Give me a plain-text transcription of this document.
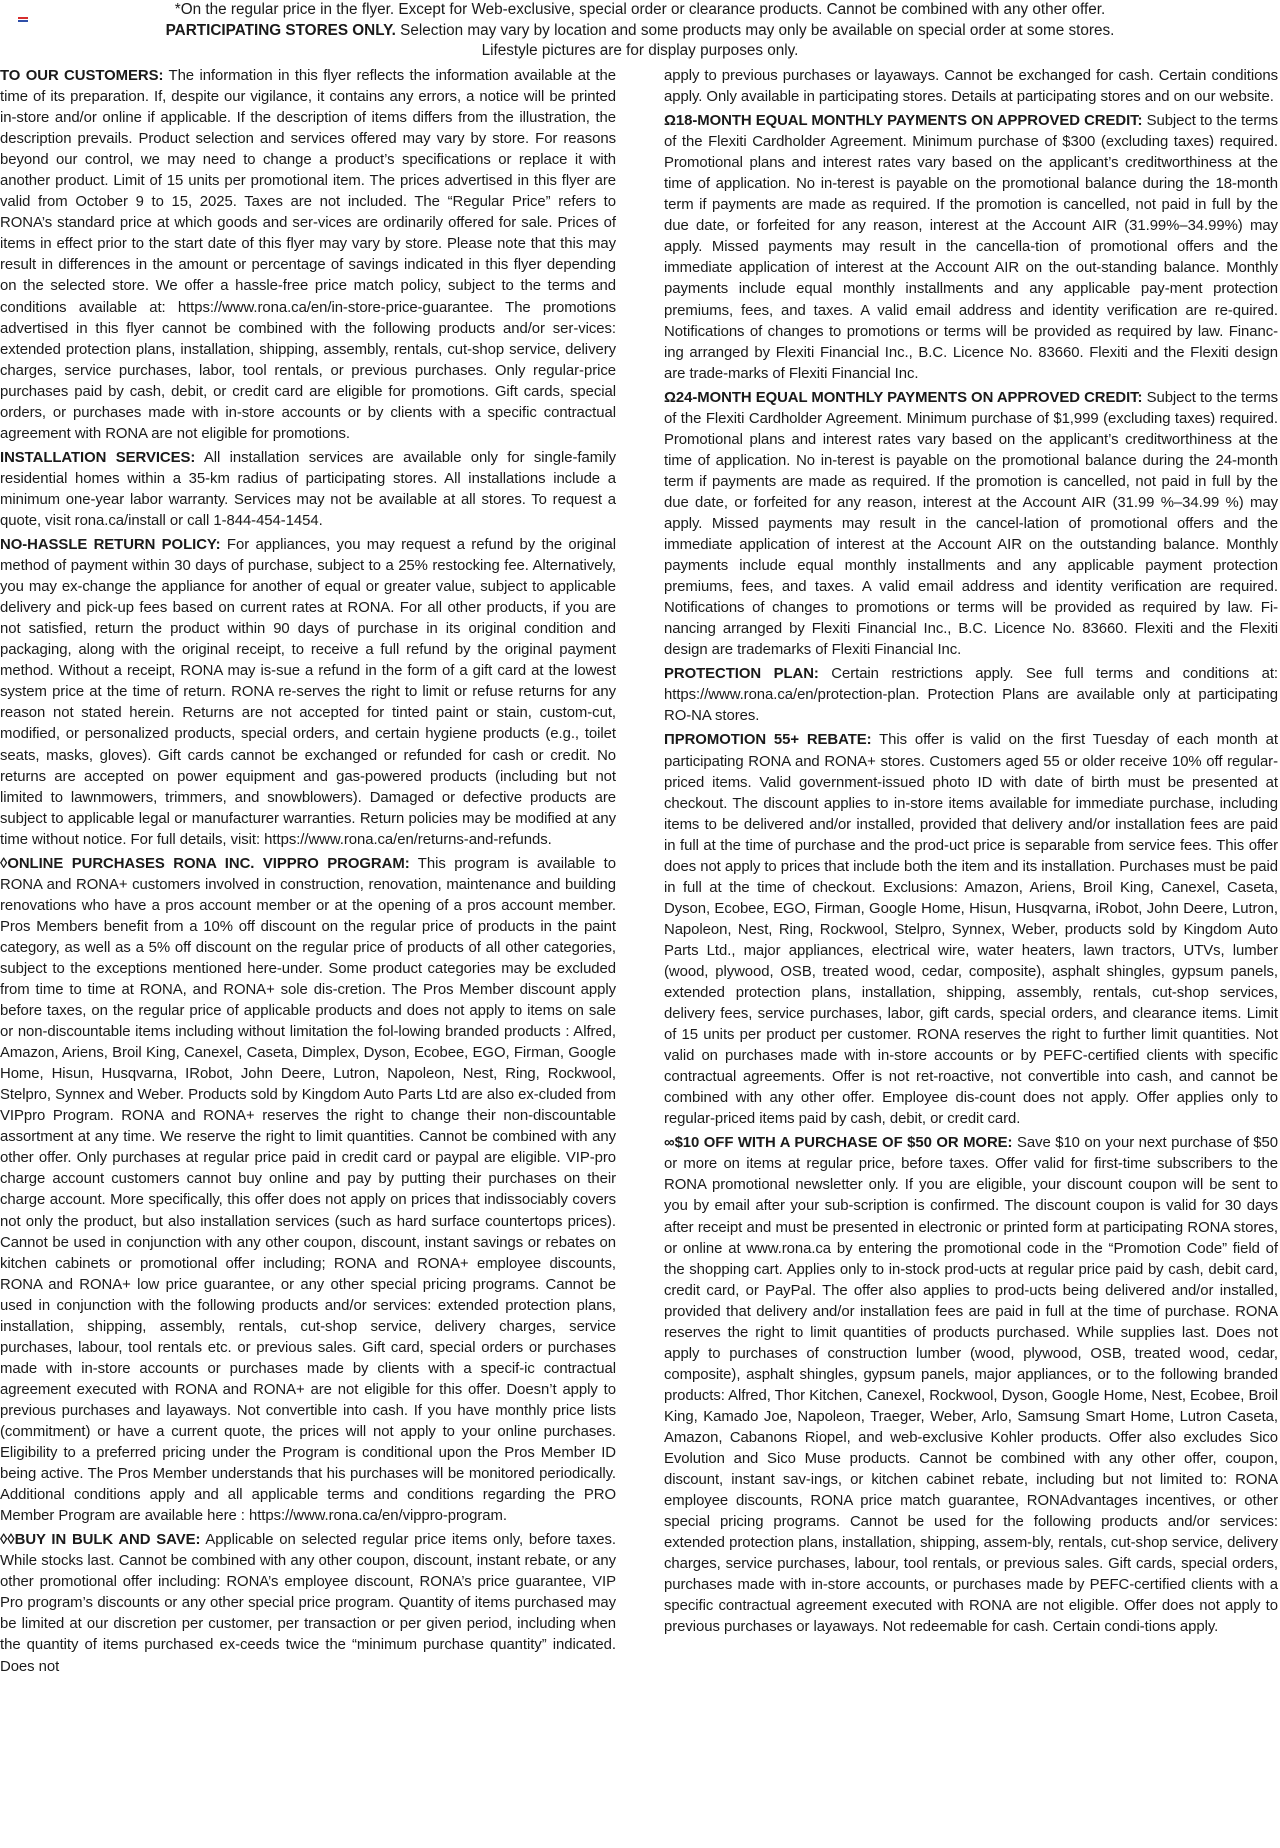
*On the regular price in the flyer. Except for Web-exclusive, special order or clearance products. Cannot be combined with any other offer.
PARTICIPATING STORES ONLY. Selection may vary by location and some products may only be available on special order at some stores.
Lifestyle pictures are for display purposes only.

TO OUR CUSTOMERS: The information in this flyer reflects the information available at the time of its preparation. If, despite our vigilance, it contains any errors, a notice will be printed in-store and/or online if applicable. If the description of items differs from the illustration, the description prevails. Product selection and services offered may vary by store. For reasons beyond our control, we may need to change a product’s specifications or replace it with another product. Limit of 15 units per promotional item. The prices advertised in this flyer are valid from October 9 to 15, 2025. Taxes are not included. The “Regular Price” refers to RONA’s standard price at which goods and ser-vices are ordinarily offered for sale. Prices of items in effect prior to the start date of this flyer may vary by store. Please note that this may result in differences in the amount or percentage of savings indicated in this flyer depending on the selected store. We offer a hassle-free price match policy, subject to the terms and conditions available at: https://www.rona.ca/en/in-store-price-guarantee. The promotions advertised in this flyer cannot be combined with the following products and/or ser-vices: extended protection plans, installation, shipping, assembly, rentals, cut-shop service, delivery charges, service purchases, labor, tool rentals, or previous purchases. Only regular-price purchases paid by cash, debit, or credit card are eligible for promotions. Gift cards, special orders, or purchases made with in-store accounts or by clients with a specific contractual agreement with RONA are not eligible for promotions.

INSTALLATION SERVICES: All installation services are available only for single-family residential homes within a 35-km radius of participating stores. All installations include a minimum one-year labor warranty. Services may not be available at all stores. To request a quote, visit rona.ca/install or call 1-844-454-1454.

NO-HASSLE RETURN POLICY: For appliances, you may request a refund by the original method of payment within 30 days of purchase, subject to a 25% restocking fee. Alternatively, you may ex-change the appliance for another of equal or greater value, subject to applicable delivery and pick-up fees based on current rates at RONA. For all other products, if you are not satisfied, return the product within 90 days of purchase in its original condition and packaging, along with the original receipt, to receive a full refund by the original payment method. Without a receipt, RONA may is-sue a refund in the form of a gift card at the lowest system price at the time of return. RONA re-serves the right to limit or refuse returns for any reason not stated herein. Returns are not accepted for tinted paint or stain, custom-cut, modified, or personalized products, special orders, and certain hygiene products (e.g., toilet seats, masks, gloves). Gift cards cannot be exchanged or refunded for cash or credit. No returns are accepted on power equipment and gas-powered products (including but not limited to lawnmowers, trimmers, and snowblowers). Damaged or defective products are subject to applicable legal or manufacturer warranties. Return policies may be modified at any time without notice. For full details, visit: https://www.rona.ca/en/returns-and-refunds.

◊ONLINE PURCHASES RONA INC. VIPPRO PROGRAM: This program is available to RONA and RONA+ customers involved in construction, renovation, maintenance and building renovations who have a pros account member or at the opening of a pros account member. Pros Members benefit from a 10% off discount on the regular price of products in the paint category, as well as a 5% off discount on the regular price of products of all other categories, subject to the exceptions mentioned here-under. Some product categories may be excluded from time to time at RONA, and RONA+ sole dis-cretion. The Pros Member discount apply before taxes, on the regular price of applicable products and does not apply to items on sale or non-discountable items including without limitation the fol-lowing branded products : Alfred, Amazon, Ariens, Broil King, Canexel, Caseta, Dimplex, Dyson, Ecobee, EGO, Firman, Google Home, Hisun, Husqvarna, IRobot, John Deere, Lutron, Napoleon, Nest, Ring, Rockwool, Stelpro, Synnex and Weber. Products sold by Kingdom Auto Parts Ltd are also ex-cluded from VIPpro Program. RONA and RONA+ reserves the right to change their non-discountable assortment at any time. We reserve the right to limit quantities. Cannot be combined with any other offer. Only purchases at regular price paid in credit card or paypal are eligible. VIP-pro charge account customers cannot buy online and pay by putting their purchases on their charge account. More specifically, this offer does not apply on prices that indissociably covers not only the product, but also installation services (such as hard surface countertops prices). Cannot be used in conjunction with any other coupon, discount, instant savings or rebates on kitchen cabinets or promotional offer including; RONA and RONA+ employee discounts, RONA and RONA+ low price guarantee, or any other special pricing programs. Cannot be used in conjunction with the following products and/or services: extended protection plans, installation, shipping, assembly, rentals, cut-shop service, delivery charges, service purchases, labour, tool rentals etc. or previous sales. Gift card, special orders or purchases made with in-store accounts or purchases made by clients with a specif-ic contractual agreement executed with RONA and RONA+ are not eligible for this offer. Doesn’t apply to previous purchases and layaways. Not convertible into cash. If you have monthly price lists (commitment) or have a current quote, the prices will not apply to your online purchases. Eligibility to a preferred pricing under the Program is conditional upon the Pros Member ID being active. The Pros Member understands that his purchases will be monitored periodically. Additional conditions apply and all applicable terms and conditions regarding the PRO Member Program are available here : https://www.rona.ca/en/vippro-program.

◊◊BUY IN BULK AND SAVE: Applicable on selected regular price items only, before taxes. While stocks last. Cannot be combined with any other coupon, discount, instant rebate, or any other promotional offer including: RONA’s employee discount, RONA’s price guarantee, VIP Pro program’s discounts or any other special price program. Quantity of items purchased may be limited at our discretion per customer, per transaction or per given period, including when the quantity of items purchased ex-ceeds twice the “minimum purchase quantity” indicated. Does not

apply to previous purchases or layaways. Cannot be exchanged for cash. Certain conditions apply. Only available in participating stores. Details at participating stores and on our website.

Ω18-MONTH EQUAL MONTHLY PAYMENTS ON APPROVED CREDIT: Subject to the terms of the Flexiti Cardholder Agreement. Minimum purchase of $300 (excluding taxes) required. Promotional plans and interest rates vary based on the applicant’s creditworthiness at the time of application. No in-terest is payable on the promotional balance during the 18-month term if payments are made as required. If the promotion is cancelled, not paid in full by the due date, or forfeited for any reason, interest at the Account AIR (31.99%–34.99%) may apply. Missed payments may result in the cancella-tion of promotional offers and the immediate application of interest at the Account AIR on the out-standing balance. Monthly payments include equal monthly installments and any applicable pay-ment protection premiums, fees, and taxes. A valid email address and identity verification are re-quired. Notifications of changes to promotions or terms will be provided as required by law. Financ-ing arranged by Flexiti Financial Inc., B.C. Licence No. 83660. Flexiti and the Flexiti design are trade-marks of Flexiti Financial Inc.

Ω24-MONTH EQUAL MONTHLY PAYMENTS ON APPROVED CREDIT: Subject to the terms of the Flexiti Cardholder Agreement. Minimum purchase of $1,999 (excluding taxes) required. Promotional plans and interest rates vary based on the applicant’s creditworthiness at the time of application. No in-terest is payable on the promotional balance during the 24-month term if payments are made as required. If the promotion is cancelled, not paid in full by the due date, or forfeited for any reason, interest at the Account AIR (31.99 %–34.99 %) may apply. Missed payments may result in the cancel-lation of promotional offers and the immediate application of interest at the Account AIR on the outstanding balance. Monthly payments include equal monthly installments and any applicable payment protection premiums, fees, and taxes. A valid email address and identity verification are required. Notifications of changes to promotions or terms will be provided as required by law. Fi-nancing arranged by Flexiti Financial Inc., B.C. Licence No. 83660. Flexiti and the Flexiti design are trademarks of Flexiti Financial Inc.

PROTECTION PLAN: Certain restrictions apply. See full terms and conditions at: https://www.rona.ca/en/protection-plan. Protection Plans are available only at participating RO-NA stores.

ΠPROMOTION 55+ REBATE: This offer is valid on the first Tuesday of each month at participating RONA and RONA+ stores. Customers aged 55 or older receive 10% off regular-priced items. Valid government-issued photo ID with date of birth must be presented at checkout. The discount applies to in-store items available for immediate purchase, including items to be delivered and/or installed, provided that delivery and/or installation fees are paid in full at the time of purchase and the prod-uct price is separable from service fees. This offer does not apply to prices that include both the item and its installation. Purchases must be paid in full at the time of checkout. Exclusions: Amazon, Ariens, Broil King, Canexel, Caseta, Dyson, Ecobee, EGO, Firman, Google Home, Hisun, Husqvarna, iRobot, John Deere, Lutron, Napoleon, Nest, Ring, Rockwool, Stelpro, Synnex, Weber, products sold by Kingdom Auto Parts Ltd., major appliances, electrical wire, water heaters, lawn tractors, UTVs, lumber (wood, plywood, OSB, treated wood, cedar, composite), asphalt shingles, gypsum panels, extended protection plans, installation, shipping, assembly, rentals, cut-shop services, delivery fees, service purchases, labor, gift cards, special orders, and clearance items. Limit of 15 units per product per customer. RONA reserves the right to further limit quantities. Not valid on purchases made with in-store accounts or by PEFC-certified clients with specific contractual agreements. Offer is not ret-roactive, not convertible into cash, and cannot be combined with any other offer. Employee dis-count does not apply. Offer applies only to regular-priced items paid by cash, debit, or credit card.

∞$10 OFF WITH A PURCHASE OF $50 OR MORE: Save $10 on your next purchase of $50 or more on items at regular price, before taxes. Offer valid for first-time subscribers to the RONA promotional newsletter only. If you are eligible, your discount coupon will be sent to you by email after your sub-scription is confirmed. The discount coupon is valid for 30 days after receipt and must be presented in electronic or printed form at participating RONA stores, or online at www.rona.ca by entering the promotional code in the “Promotion Code” field of the shopping cart. Applies only to in-stock prod-ucts at regular price paid by cash, debit card, credit card, or PayPal. The offer also applies to prod-ucts being delivered and/or installed, provided that delivery and/or installation fees are paid in full at the time of purchase. RONA reserves the right to limit quantities of products purchased. While supplies last. Does not apply to purchases of construction lumber (wood, plywood, OSB, treated wood, cedar, composite), asphalt shingles, gypsum panels, major appliances, or to the following branded products: Alfred, Thor Kitchen, Canexel, Rockwool, Dyson, Google Home, Nest, Ecobee, Broil King, Kamado Joe, Napoleon, Traeger, Weber, Arlo, Samsung Smart Home, Lutron Caseta, Amazon, Cabanons Riopel, and web-exclusive Kohler products. Offer also excludes Sico Evolution and Sico Muse products. Cannot be combined with any other offer, coupon, discount, instant sav-ings, or kitchen cabinet rebate, including but not limited to: RONA employee discounts, RONA price match guarantee, RONAdvantages incentives, or other special pricing programs. Cannot be used for the following products and/or services: extended protection plans, installation, shipping, assem-bly, rentals, cut-shop service, delivery charges, service purchases, labour, tool rentals, or previous sales. Gift cards, special orders, purchases made with in-store accounts, or purchases made by PEFC-certified clients with a specific contractual agreement executed with RONA are not eligible. Offer does not apply to previous purchases or layaways. Not redeemable for cash. Certain condi-tions apply.
